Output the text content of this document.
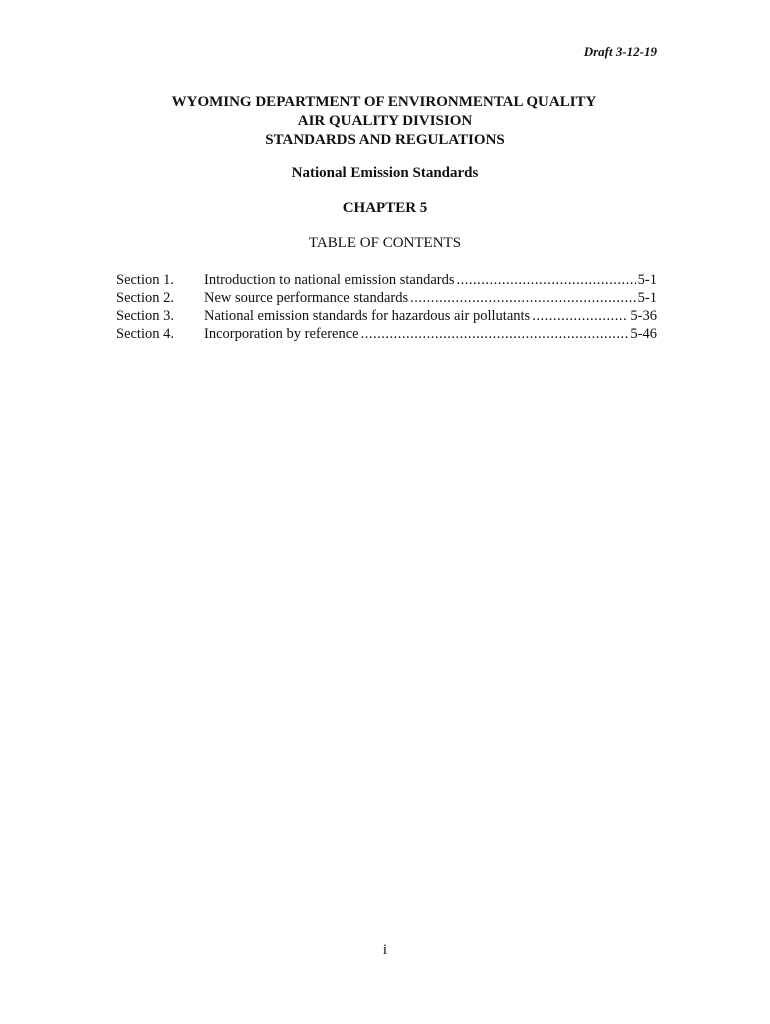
Draft 3-12-19
WYOMING DEPARTMENT OF ENVIRONMENTAL QUALITY
AIR QUALITY DIVISION
STANDARDS AND REGULATIONS
National Emission Standards
CHAPTER 5
TABLE OF CONTENTS
Section 1.	Introduction to national emission standards .....	5-1
Section 2.	New source performance standards .....	5-1
Section 3.	National emission standards for hazardous air pollutants .....	5-36
Section 4.	Incorporation by reference .....	5-46
i
